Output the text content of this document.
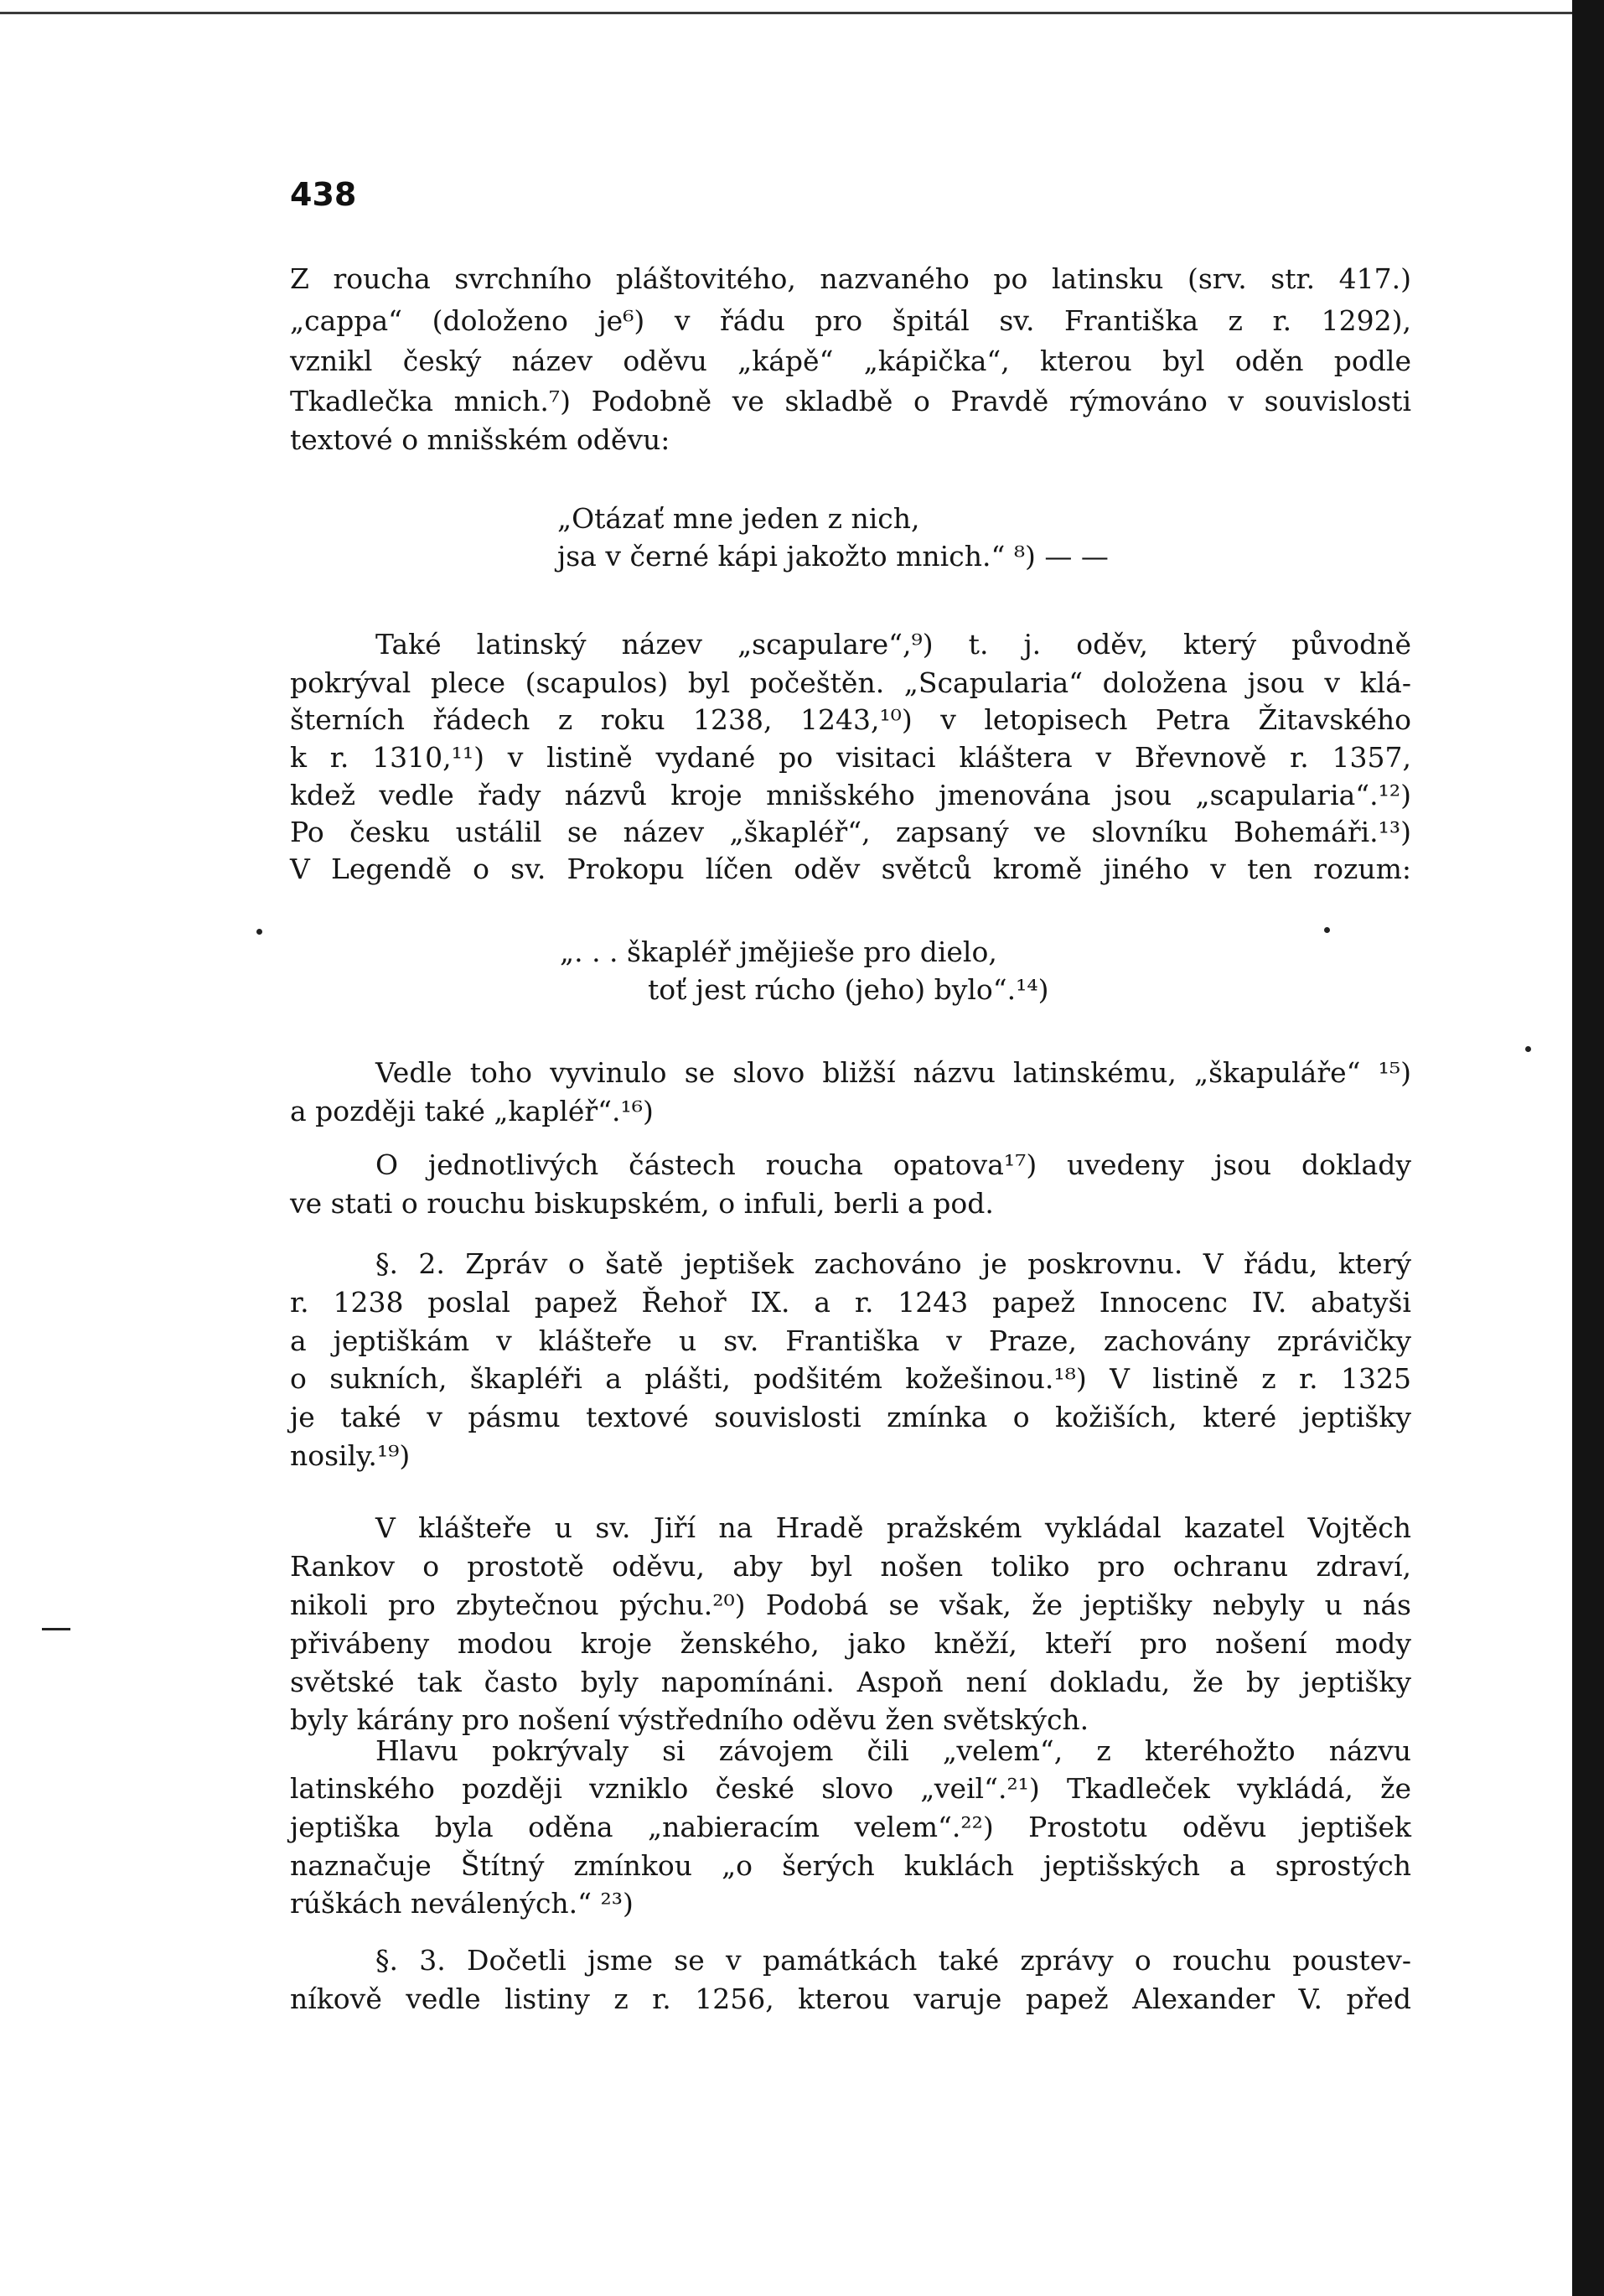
438
Z roucha svrchního pláštovitého, nazvaného po latinsku (srv. str. 417.)
„cappa“ (doloženo je⁶) v řádu pro špitál sv. Františka z r. 1292),
vznikl český název oděvu „kápě“ „kápička“, kterou byl oděn podle
Tkadlečka mnich.⁷) Podobně ve skladbě o Pravdě rýmováno v souvislosti
textové o mnišském oděvu:
„Otázať mne jeden z nich,
jsa v černé kápi jakožto mnich.“ ⁸) — —
Také latinský název „scapulare“,⁹) t. j. oděv, který původně
pokrýval plece (scapulos) byl počeštěn. „Scapularia“ doložena jsou v klá-
šterních řádech z roku 1238, 1243,¹⁰) v letopisech Petra Žitavského
k r. 1310,¹¹) v listině vydané po visitaci kláštera v Břevnově r. 1357,
kdež vedle řady názvů kroje mnišského jmenována jsou „scapularia“.¹²)
Po česku ustálil se název „škapléř“, zapsaný ve slovníku Bohemáři.¹³)
V Legendě o sv. Prokopu líčen oděv světců kromě jiného v ten rozum:
„. . . škapléř jmějieše pro dielo,
toť jest rúcho (jeho) bylo“.¹⁴)
Vedle toho vyvinulo se slovo bližší názvu latinskému, „škapuláře“ ¹⁵)
a později také „kapléř“.¹⁶)
O jednotlivých částech roucha opatova¹⁷) uvedeny jsou doklady
ve stati o rouchu biskupském, o infuli, berli a pod.
§. 2. Zpráv o šatě jeptišek zachováno je poskrovnu. V řádu, který
r. 1238 poslal papež Řehoř IX. a r. 1243 papež Innocenc IV. abatyši
a jeptiškám v klášteře u sv. Františka v Praze, zachovány zprávičky
o sukních, škapléři a plášti, podšitém kožešinou.¹⁸) V listině z r. 1325
je také v pásmu textové souvislosti zmínka o kožiších, které jeptišky
nosily.¹⁹)
V klášteře u sv. Jiří na Hradě pražském vykládal kazatel Vojtěch
Rankov o prostotě oděvu, aby byl nošen toliko pro ochranu zdraví,
nikoli pro zbytečnou pýchu.²⁰) Podobá se však, že jeptišky nebyly u nás
přivábeny modou kroje ženského, jako kněží, kteří pro nošení mody
světské tak často byly napomínáni. Aspoň není dokladu, že by jeptišky
byly kárány pro nošení výstředního oděvu žen světských.
Hlavu pokrývaly si závojem čili „velem“, z kteréhožto názvu
latinského později vzniklo české slovo „veil“.²¹) Tkadleček vykládá, že
jeptiška byla oděna „nabieracím velem“.²²) Prostotu oděvu jeptišek
naznačuje Štítný zmínkou „o šerých kuklách jeptišských a sprostých
rúškách neválených.“ ²³)
§. 3. Dočetli jsme se v památkách také zprávy o rouchu poustev-
níkově vedle listiny z r. 1256, kterou varuje papež Alexander V. před
